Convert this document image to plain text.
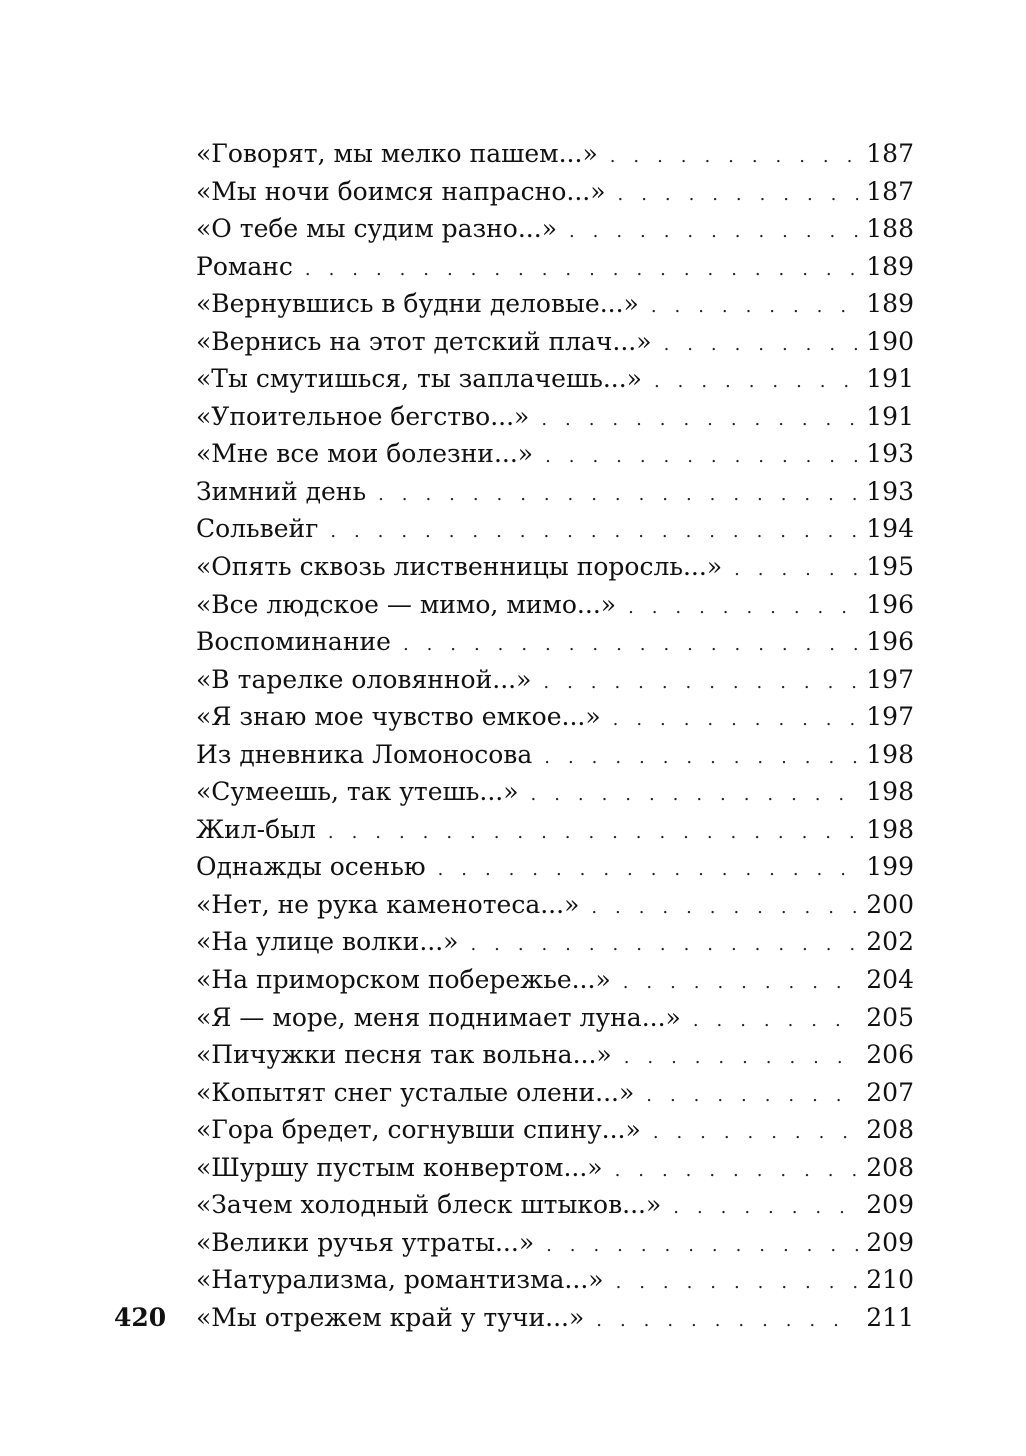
«Говорят, мы мелко пашем...» . . .	187
«Мы ночи боимся напрасно...» . . .	187
«О тебе мы судим разно...» . . .	188
Романс . . .	189
«Вернувшись в будни деловые...» . . .	189
«Вернись на этот детский плач...» . . .	190
«Ты смутишься, ты заплачешь...» . . .	191
«Упоительное бегство...» . . .	191
«Мне все мои болезни...» . . .	193
Зимний день . . .	193
Сольвейг . . .	194
«Опять сквозь лиственницы поросль...» . . .	195
«Все людское — мимо, мимо...» . . .	196
Воспоминание . . .	196
«В тарелке оловянной...» . . .	197
«Я знаю мое чувство емкое...» . . .	197
Из дневника Ломоносова . . .	198
«Сумеешь, так утешь...» . . .	198
Жил-был . . .	198
Однажды осенью . . .	199
«Нет, не рука каменотеса...» . . .	200
«На улице волки...» . . .	202
«На приморском побережье...» . . .	204
«Я — море, меня поднимает луна...» . . .	205
«Пичужки песня так вольна...» . . .	206
«Копытят снег усталые олени...» . . .	207
«Гора бредет, согнувши спину...» . . .	208
«Шуршу пустым конвертом...» . . .	208
«Зачем холодный блеск штыков...» . . .	209
«Велики ручья утраты...» . . .	209
«Натурализма, романтизма...» . . .	210
«Мы отрежем край у тучи...» . . .	211
420
